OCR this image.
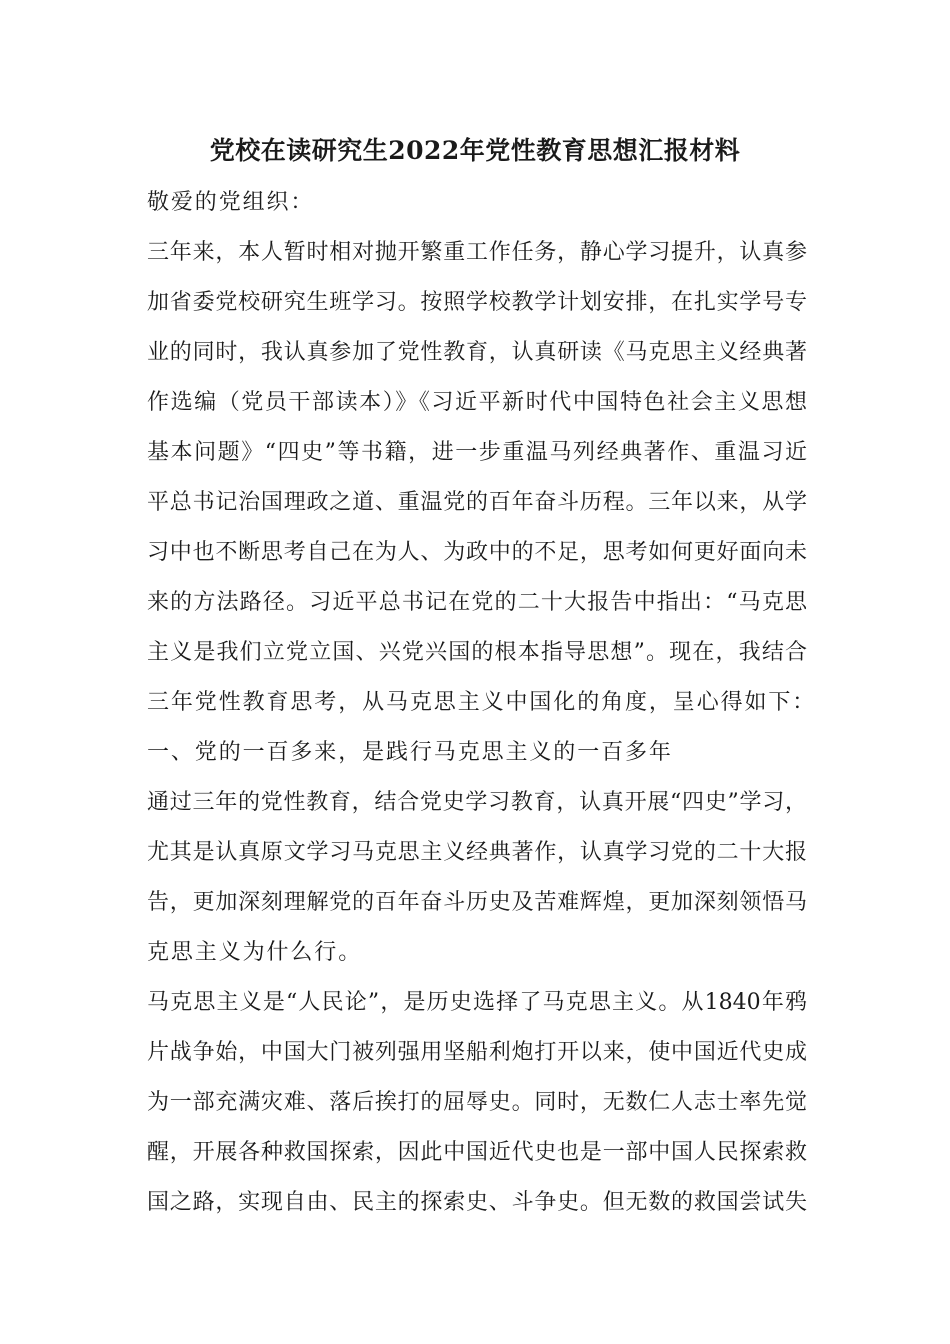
党校在读研究生2022年党性教育思想汇报材料
敬爱的党组织：
三年来，本人暂时相对抛开繁重工作任务，静心学习提升，认真参
加省委党校研究生班学习。按照学校教学计划安排，在扎实学号专
业的同时，我认真参加了党性教育，认真研读《马克思主义经典著
作选编（党员干部读本）》《习近平新时代中国特色社会主义思想
基本问题》“四史”等书籍，进一步重温马列经典著作、重温习近
平总书记治国理政之道、重温党的百年奋斗历程。三年以来，从学
习中也不断思考自己在为人、为政中的不足，思考如何更好面向未
来的方法路径。习近平总书记在党的二十大报告中指出：“马克思
主义是我们立党立国、兴党兴国的根本指导思想”。现在，我结合
三年党性教育思考，从马克思主义中国化的角度，呈心得如下：
一、党的一百多来，是践行马克思主义的一百多年
通过三年的党性教育，结合党史学习教育，认真开展“四史”学习，
尤其是认真原文学习马克思主义经典著作，认真学习党的二十大报
告，更加深刻理解党的百年奋斗历史及苦难辉煌，更加深刻领悟马
克思主义为什么行。
马克思主义是“人民论”，是历史选择了马克思主义。从1840年鸦
片战争始，中国大门被列强用坚船利炮打开以来，使中国近代史成
为一部充满灾难、落后挨打的屈辱史。同时，无数仁人志士率先觉
醒，开展各种救国探索，因此中国近代史也是一部中国人民探索救
国之路，实现自由、民主的探索史、斗争史。但无数的救国尝试失
